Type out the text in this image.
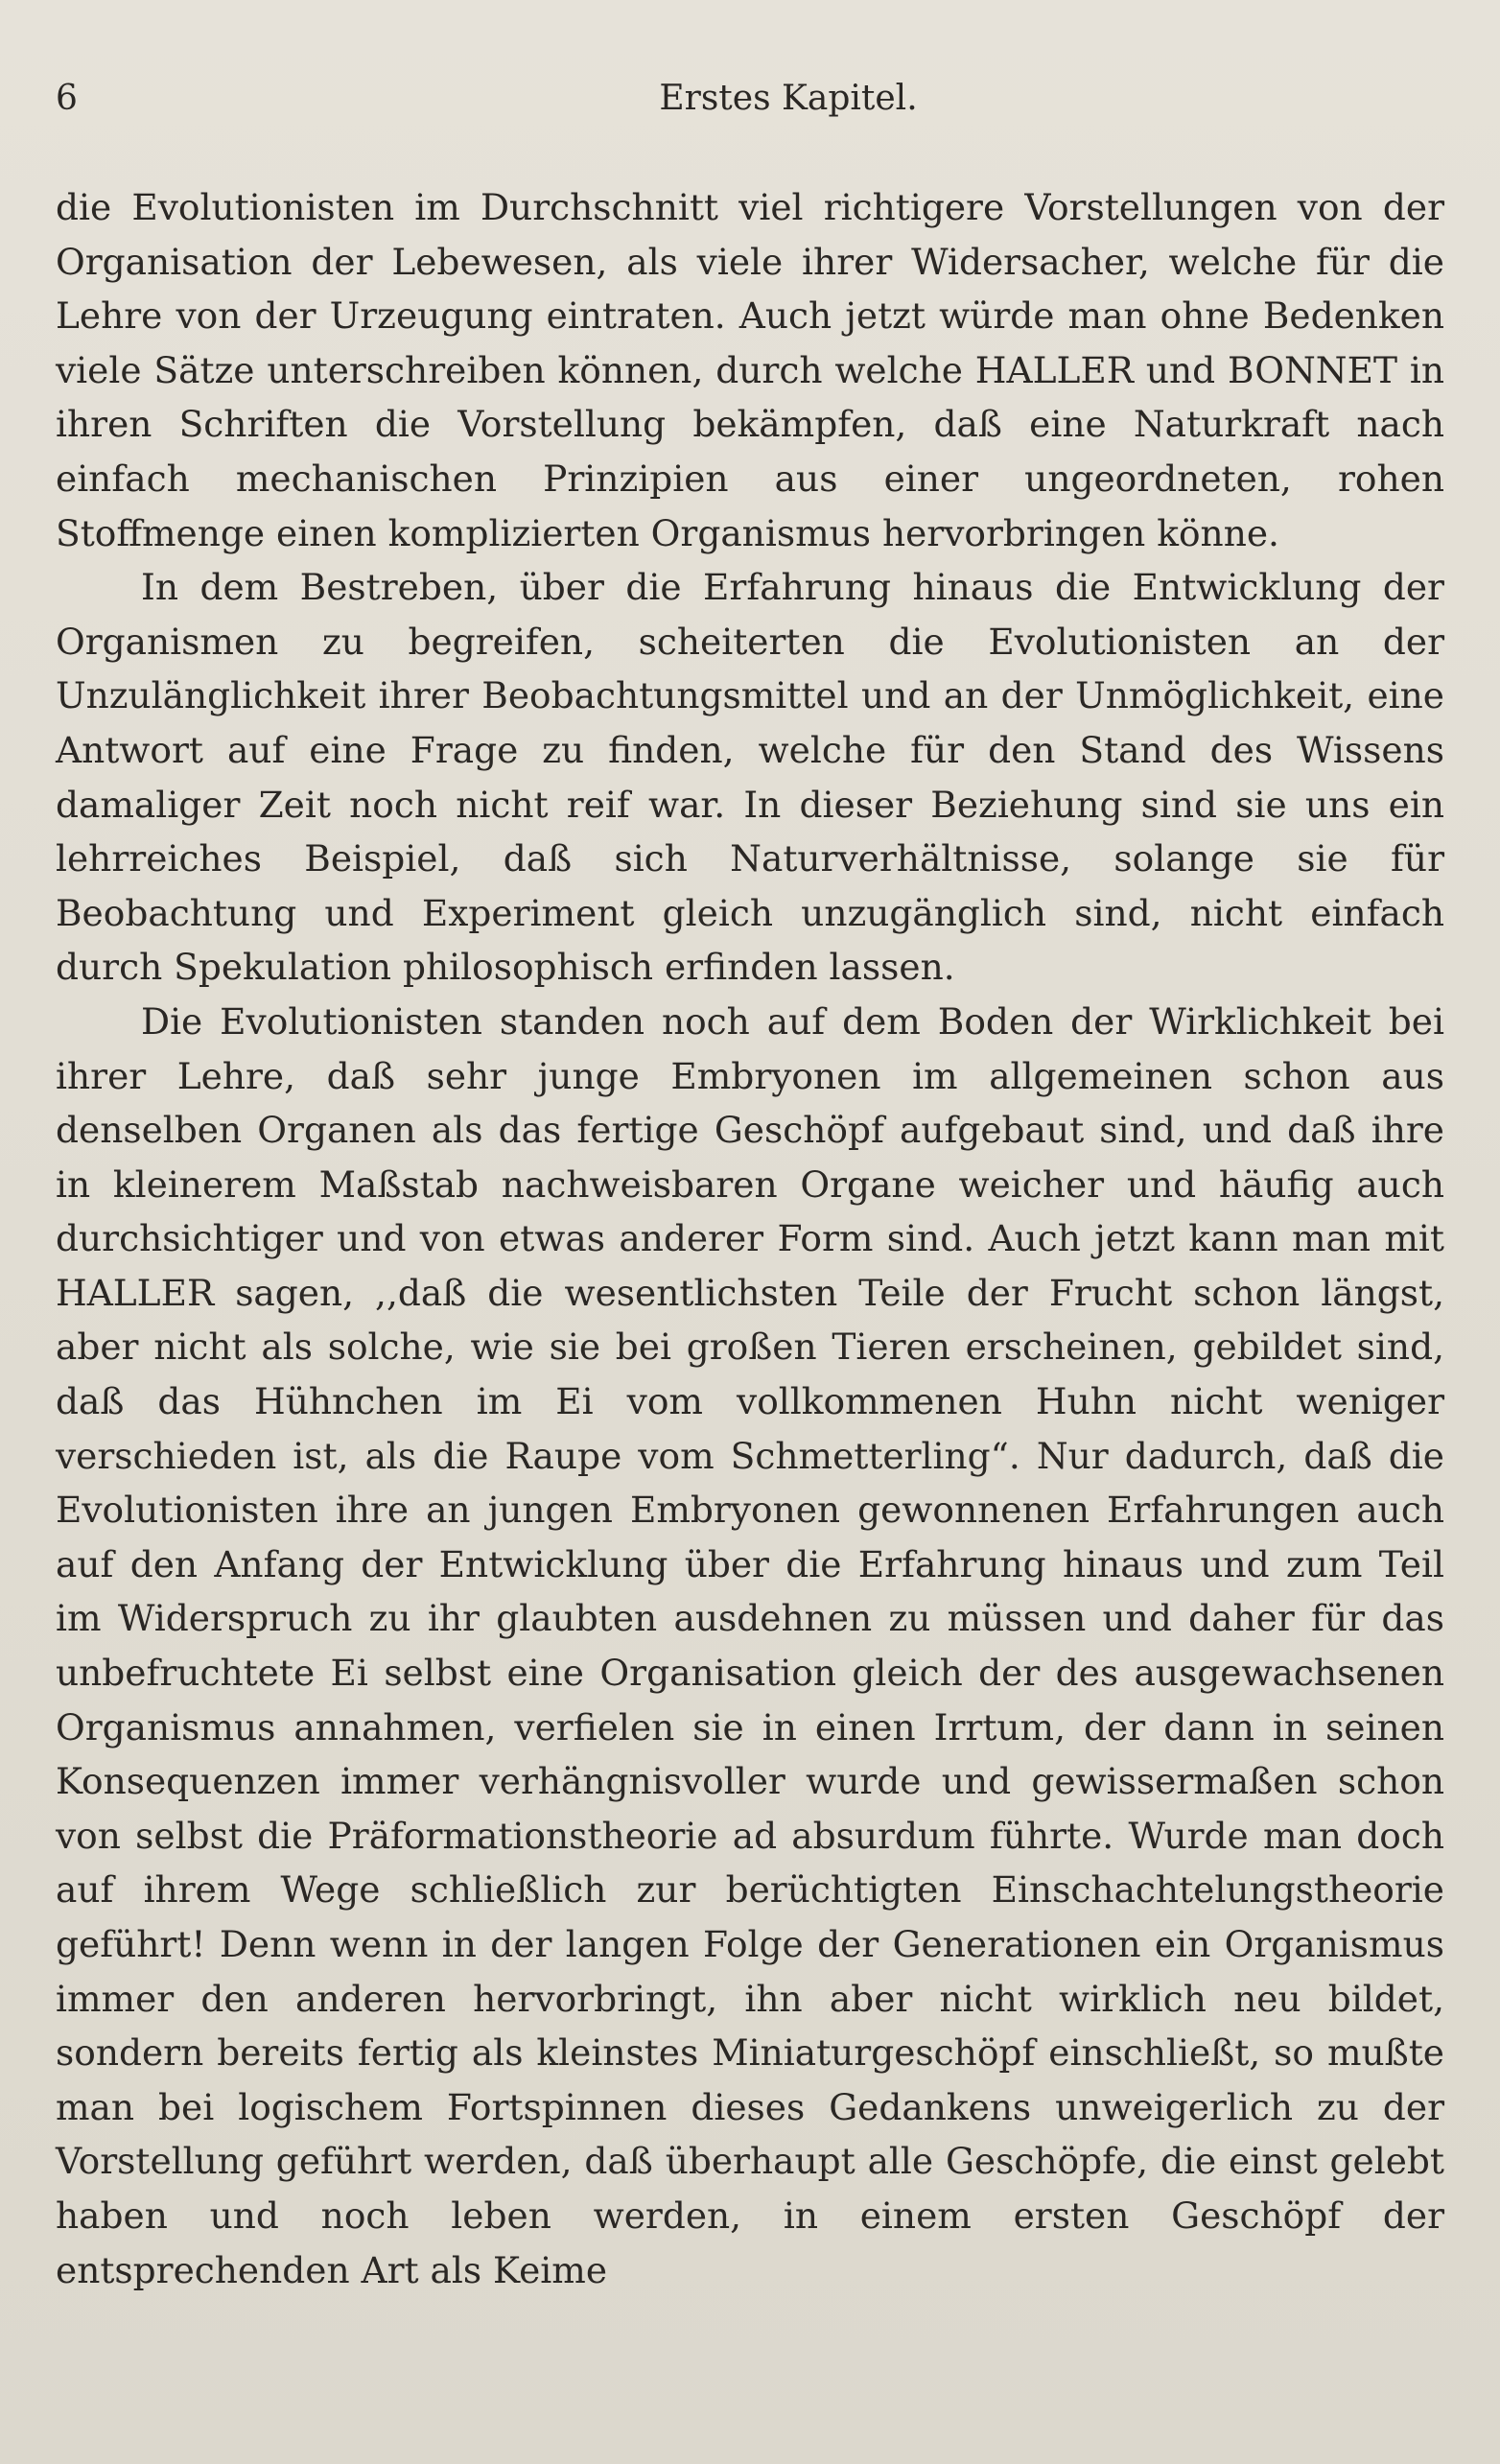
6	Erstes Kapitel.

die Evolutionisten im Durchschnitt viel richtigere Vorstellungen von der Organisation der Lebewesen, als viele ihrer Widersacher, welche für die Lehre von der Urzeugung eintraten. Auch jetzt würde man ohne Bedenken viele Sätze unterschreiben können, durch welche HALLER und BONNET in ihren Schriften die Vorstellung bekämpfen, daß eine Naturkraft nach einfach mechanischen Prinzipien aus einer ungeordneten, rohen Stoffmenge einen komplizierten Organismus hervorbringen könne.

In dem Bestreben, über die Erfahrung hinaus die Entwicklung der Organismen zu begreifen, scheiterten die Evolutionisten an der Unzulänglichkeit ihrer Beobachtungsmittel und an der Unmöglichkeit, eine Antwort auf eine Frage zu finden, welche für den Stand des Wissens damaliger Zeit noch nicht reif war. In dieser Beziehung sind sie uns ein lehrreiches Beispiel, daß sich Naturverhältnisse, solange sie für Beobachtung und Experiment gleich unzugänglich sind, nicht einfach durch Spekulation philosophisch erfinden lassen.

Die Evolutionisten standen noch auf dem Boden der Wirklichkeit bei ihrer Lehre, daß sehr junge Embryonen im allgemeinen schon aus denselben Organen als das fertige Geschöpf aufgebaut sind, und daß ihre in kleinerem Maßstab nachweisbaren Organe weicher und häufig auch durchsichtiger und von etwas anderer Form sind. Auch jetzt kann man mit HALLER sagen, ,,daß die wesentlichsten Teile der Frucht schon längst, aber nicht als solche, wie sie bei großen Tieren erscheinen, gebildet sind, daß das Hühnchen im Ei vom vollkommenen Huhn nicht weniger verschieden ist, als die Raupe vom Schmetterling“. Nur dadurch, daß die Evolutionisten ihre an jungen Embryonen gewonnenen Erfahrungen auch auf den Anfang der Entwicklung über die Erfahrung hinaus und zum Teil im Widerspruch zu ihr glaubten ausdehnen zu müssen und daher für das unbefruchtete Ei selbst eine Organisation gleich der des ausgewachsenen Organismus annahmen, verfielen sie in einen Irrtum, der dann in seinen Konsequenzen immer verhängnisvoller wurde und gewissermaßen schon von selbst die Präformationstheorie ad absurdum führte. Wurde man doch auf ihrem Wege schließlich zur berüchtigten Einschachtelungstheorie geführt! Denn wenn in der langen Folge der Generationen ein Organismus immer den anderen hervorbringt, ihn aber nicht wirklich neu bildet, sondern bereits fertig als kleinstes Miniaturgeschöpf einschließt, so mußte man bei logischem Fortspinnen dieses Gedankens unweigerlich zu der Vorstellung geführt werden, daß überhaupt alle Geschöpfe, die einst gelebt haben und noch leben werden, in einem ersten Geschöpf der entsprechenden Art als Keime
